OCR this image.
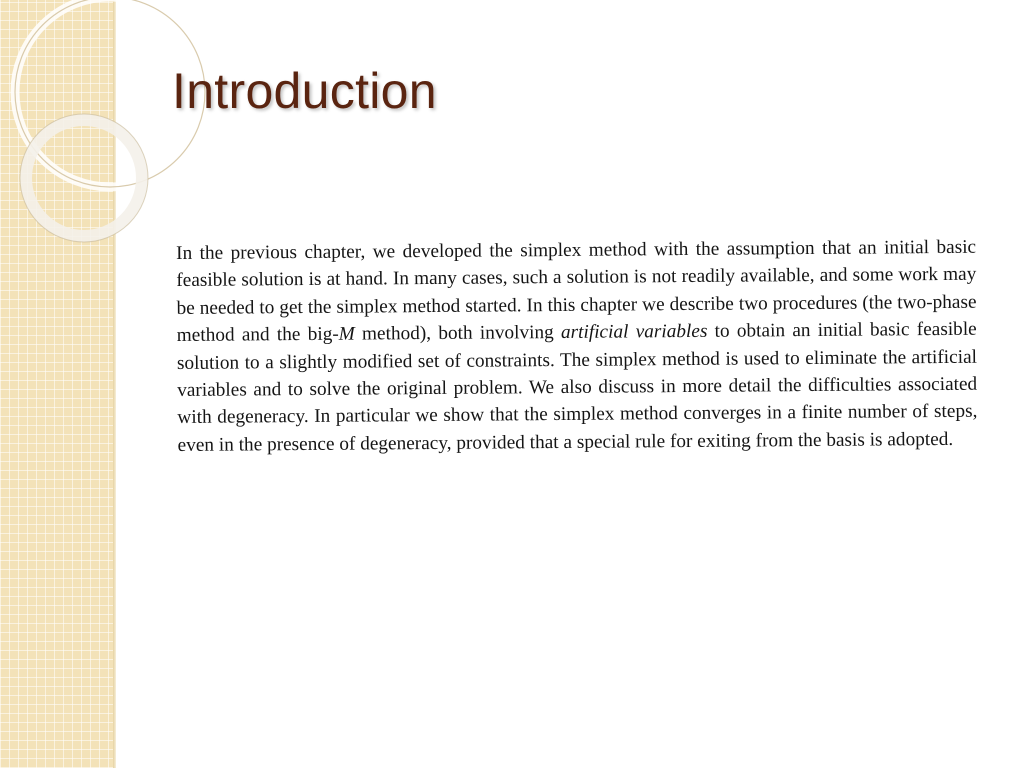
Introduction

In the previous chapter, we developed the simplex method with the assumption that an initial basic feasible solution is at hand. In many cases, such a solution is not readily available, and some work may be needed to get the simplex method started. In this chapter we describe two procedures (the two-phase method and the big-M method), both involving artificial variables to obtain an initial basic feasible solution to a slightly modified set of constraints. The simplex method is used to eliminate the artificial variables and to solve the original problem. We also discuss in more detail the difficulties associated with degeneracy. In particular we show that the simplex method converges in a finite number of steps, even in the presence of degeneracy, provided that a special rule for exiting from the basis is adopted.
